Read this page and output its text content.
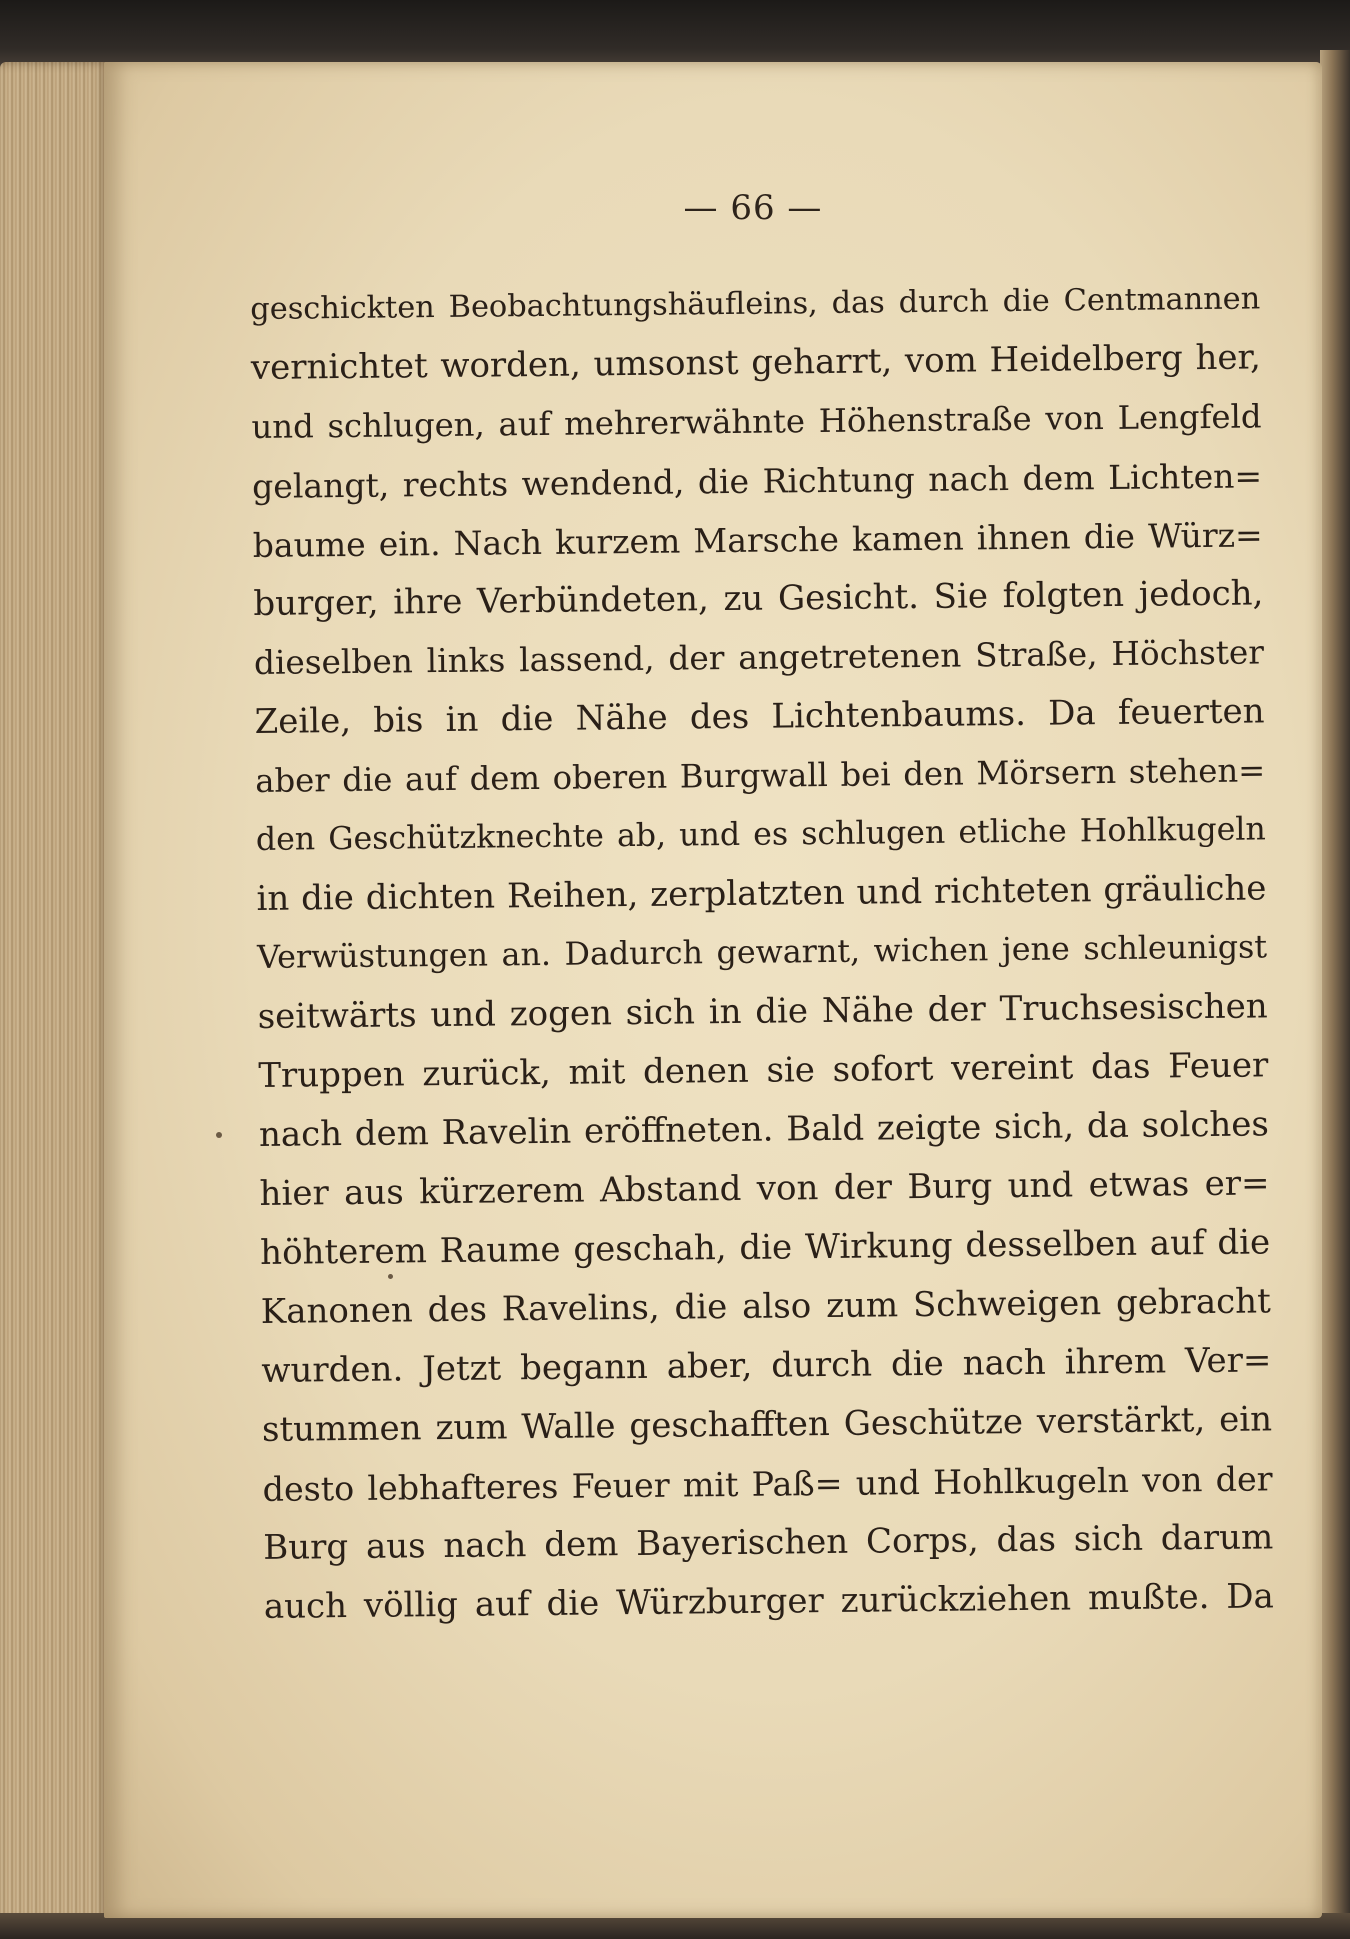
— 66 —
geschickten Beobachtungshäufleins, das durch die Centmannen
vernichtet worden, umsonst geharrt, vom Heidelberg her,
und schlugen, auf mehrerwähnte Höhenstraße von Lengfeld
gelangt, rechts wendend, die Richtung nach dem Lichten=
baume ein. Nach kurzem Marsche kamen ihnen die Würz=
burger, ihre Verbündeten, zu Gesicht. Sie folgten jedoch,
dieselben links lassend, der angetretenen Straße, Höchster
Zeile, bis in die Nähe des Lichtenbaums. Da feuerten
aber die auf dem oberen Burgwall bei den Mörsern stehen=
den Geschützknechte ab, und es schlugen etliche Hohlkugeln
in die dichten Reihen, zerplatzten und richteten gräuliche
Verwüstungen an. Dadurch gewarnt, wichen jene schleunigst
seitwärts und zogen sich in die Nähe der Truchsesischen
Truppen zurück, mit denen sie sofort vereint das Feuer
nach dem Ravelin eröffneten. Bald zeigte sich, da solches
hier aus kürzerem Abstand von der Burg und etwas er=
höhterem Raume geschah, die Wirkung desselben auf die
Kanonen des Ravelins, die also zum Schweigen gebracht
wurden. Jetzt begann aber, durch die nach ihrem Ver=
stummen zum Walle geschafften Geschütze verstärkt, ein
desto lebhafteres Feuer mit Paß= und Hohlkugeln von der
Burg aus nach dem Bayerischen Corps, das sich darum
auch völlig auf die Würzburger zurückziehen mußte. Da
